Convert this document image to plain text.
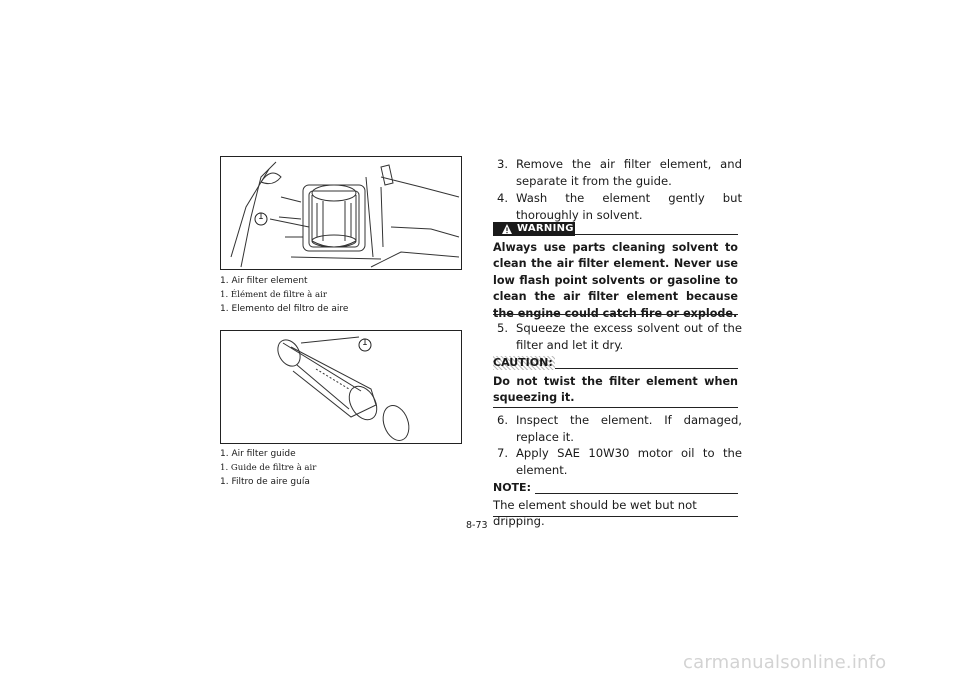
1
1. Air filter element
1. Élément de filtre à air
1. Elemento del filtro de aire
1
1. Air filter guide
1. Guide de filtre à air
1. Filtro de aire guía
3. Remove the air filter element, and separate it from the guide.
4. Wash the element gently but thoroughly in solvent.
WARNING
Always use parts cleaning solvent to clean the air filter element. Never use low flash point solvents or gasoline to clean the air filter element because the engine could catch fire or explode.
5. Squeeze the excess solvent out of the filter and let it dry.
CAUTION:
Do not twist the filter element when squeezing it.
6. Inspect the element. If damaged, replace it.
7. Apply SAE 10W30 motor oil to the element.
NOTE:
The element should be wet but not dripping.
8-73
carmanualsonline.info
